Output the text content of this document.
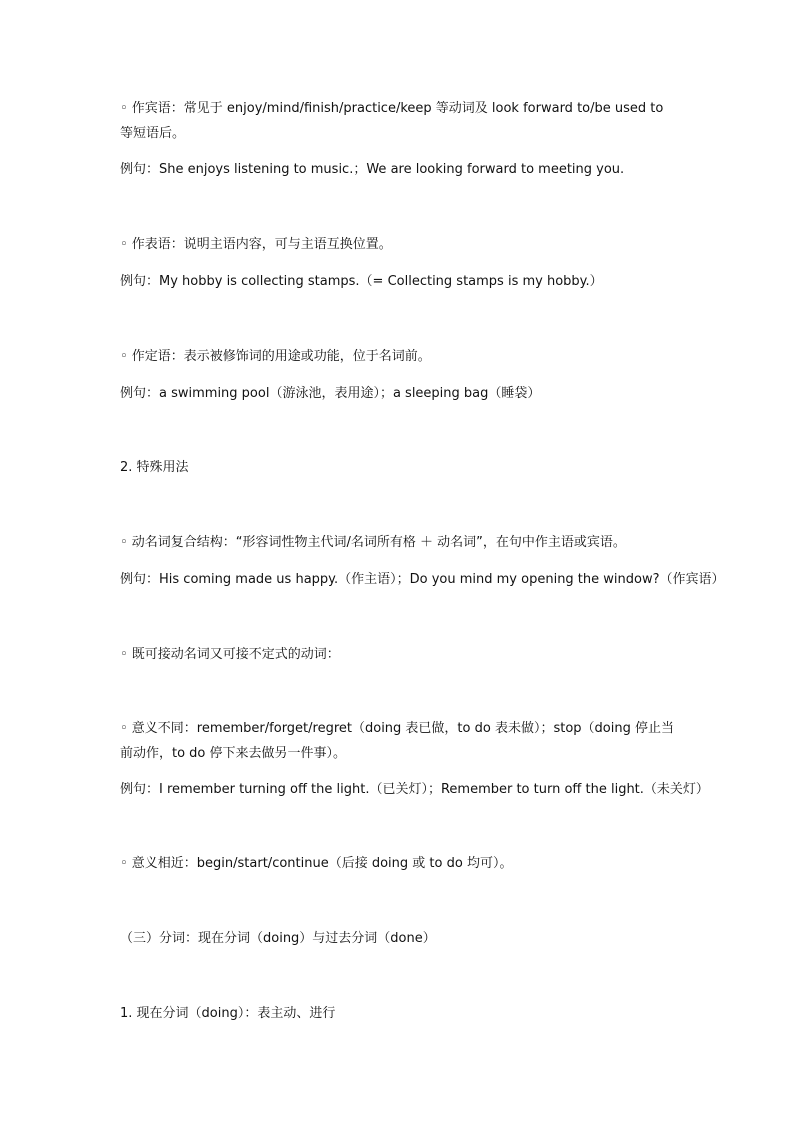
◦ 作宾语：常见于 enjoy/mind/finish/practice/keep 等动词及 look forward to/be used to 等短语后。
例句：She enjoys listening to music.；We are looking forward to meeting you.
◦ 作表语：说明主语内容，可与主语互换位置。
例句：My hobby is collecting stamps.（= Collecting stamps is my hobby.）
◦ 作定语：表示被修饰词的用途或功能，位于名词前。
例句：a swimming pool（游泳池，表用途）；a sleeping bag（睡袋）
2. 特殊用法
◦ 动名词复合结构：“形容词性物主代词/名词所有格 ＋ 动名词”，在句中作主语或宾语。
例句：His coming made us happy.（作主语）；Do you mind my opening the window?（作宾语）
◦ 既可接动名词又可接不定式的动词：
◦ 意义不同：remember/forget/regret（doing 表已做，to do 表未做）；stop（doing 停止当前动作，to do 停下来去做另一件事）。
例句：I remember turning off the light.（已关灯）；Remember to turn off the light.（未关灯）
◦ 意义相近：begin/start/continue（后接 doing 或 to do 均可）。
（三）分词：现在分词（doing）与过去分词（done）
1. 现在分词（doing）：表主动、进行
